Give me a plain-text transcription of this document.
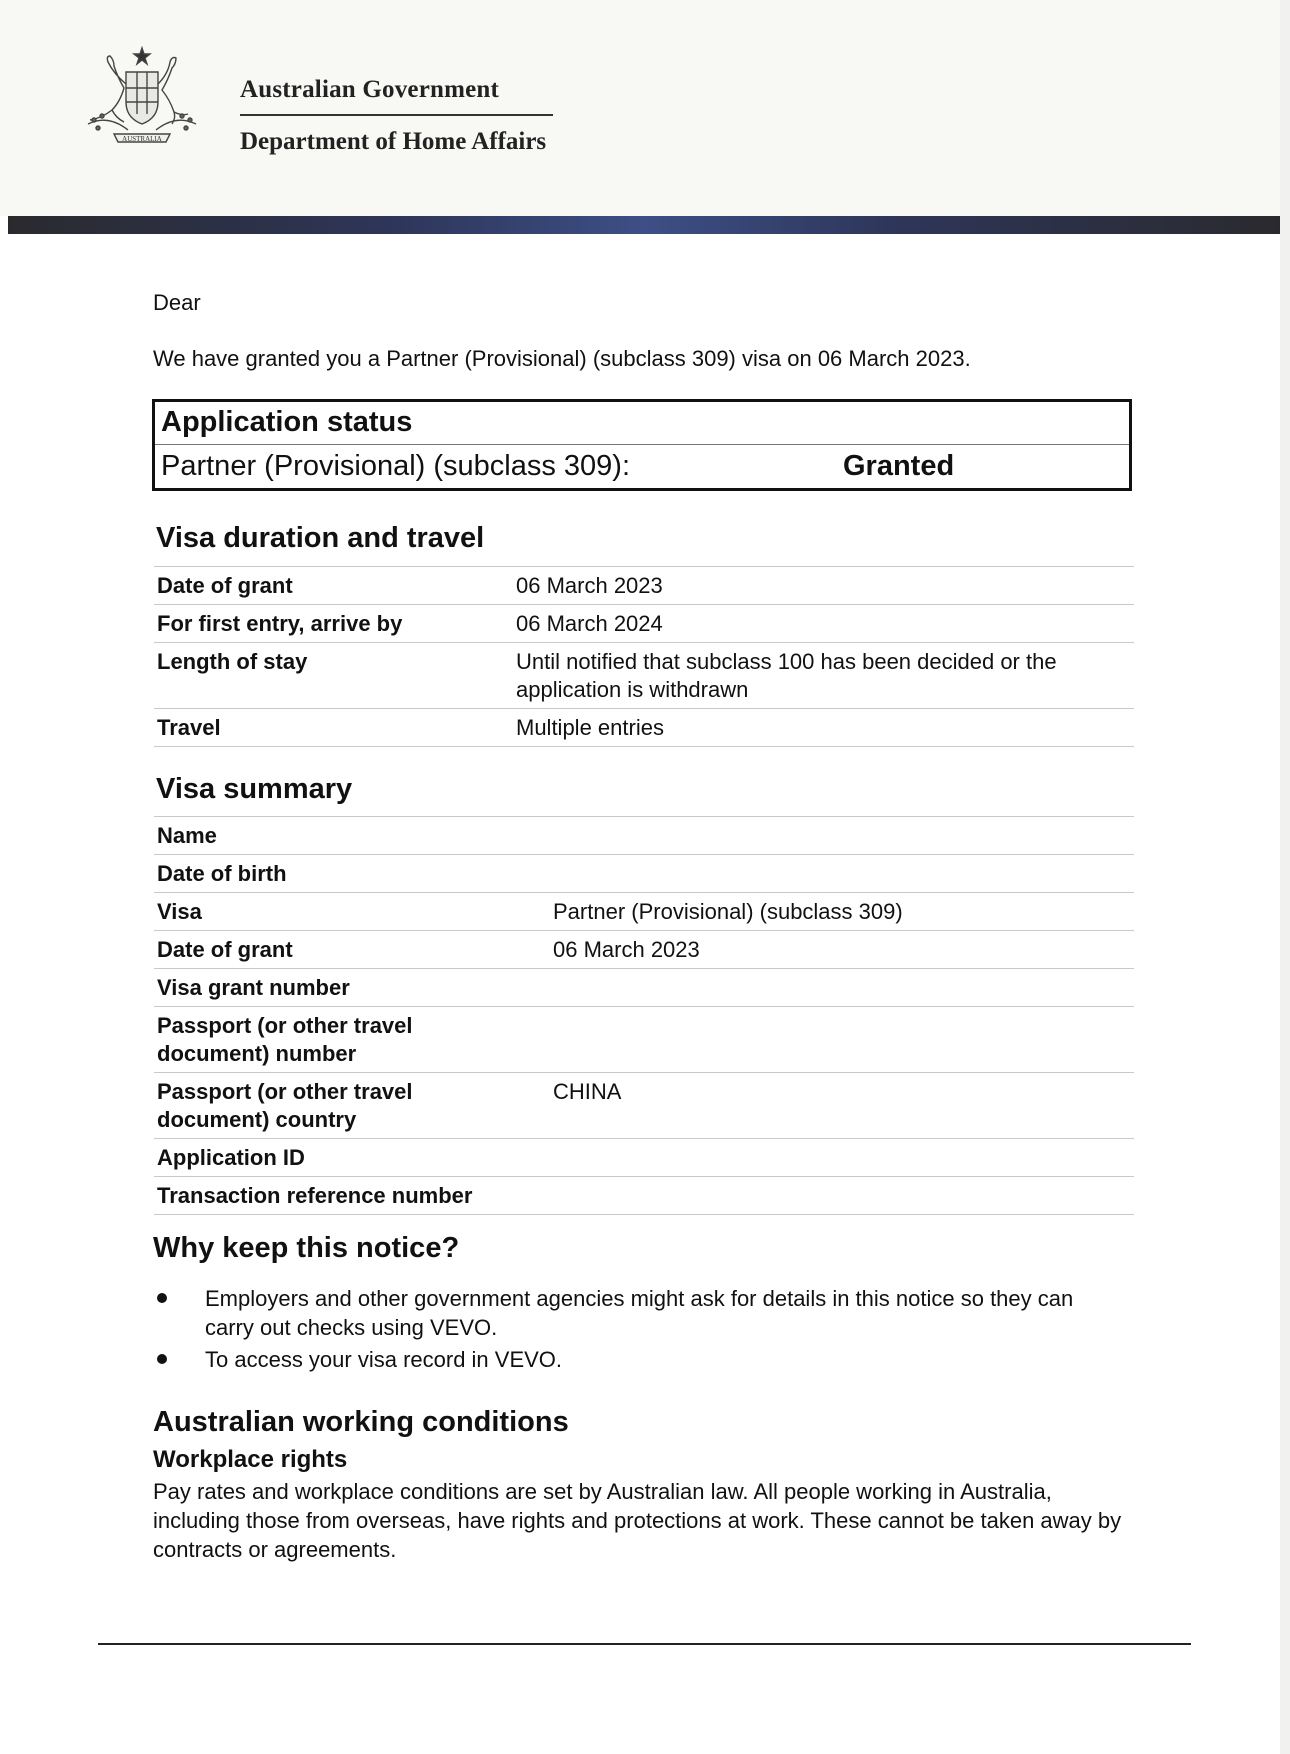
AUSTRALIA
Australian Government
Department of Home Affairs
Dear
We have granted you a Partner (Provisional) (subclass 309) visa on 06 March 2023.
Application status
Partner (Provisional) (subclass 309):	Granted
Visa duration and travel
Date of grant	06 March 2023
For first entry, arrive by	06 March 2024
Length of stay	Until notified that subclass 100 has been decided or the application is withdrawn
Travel	Multiple entries
Visa summary
Name	
Date of birth	
Visa	Partner (Provisional) (subclass 309)
Date of grant	06 March 2023
Visa grant number	
Passport (or other travel document) number	
Passport (or other travel document) country	CHINA
Application ID	
Transaction reference number	
Why keep this notice?
Employers and other government agencies might ask for details in this notice so they can carry out checks using VEVO.
To access your visa record in VEVO.
Australian working conditions
Workplace rights
Pay rates and workplace conditions are set by Australian law. All people working in Australia, including those from overseas, have rights and protections at work. These cannot be taken away by contracts or agreements.
